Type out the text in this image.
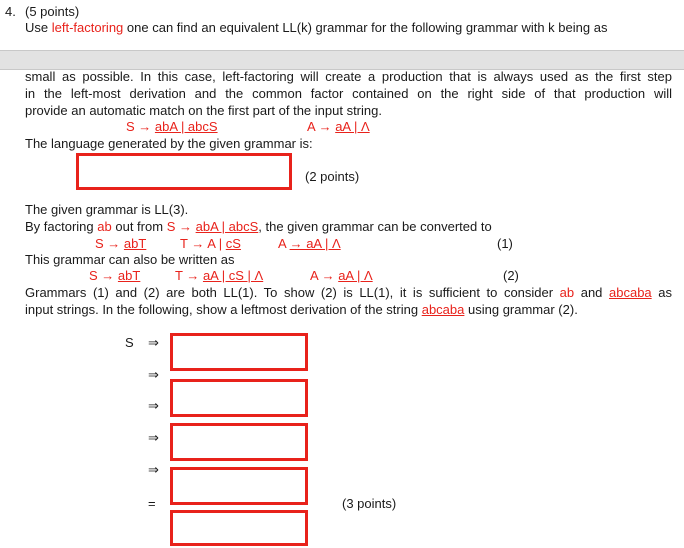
4. (5 points)
Use left-factoring one can find an equivalent LL(k) grammar for the following grammar with k being as
small as possible. In this case, left-factoring will create a production that is always used as the first step
in the left-most derivation and the common factor contained on the right side of that production will
provide an automatic match on the first part of the input string.
S → abA | abcS	A → aA | Λ
The language generated by the given grammar is:
(2 points)
The given grammar is LL(3).
By factoring ab out from S → abA | abcS, the given grammar can be converted to
S → abT	T → A | cS	A → aA | Λ	(1)
This grammar can also be written as
S → abT	T → aA | cS | Λ	A → aA | Λ	(2)
Grammars (1) and (2) are both LL(1). To show (2) is LL(1), it is sufficient to consider ab and abcaba as
input strings. In the following, show a leftmost derivation of the string abcaba using grammar (2).
S ⇒
⇒
⇒
⇒
⇒
=	(3 points)
